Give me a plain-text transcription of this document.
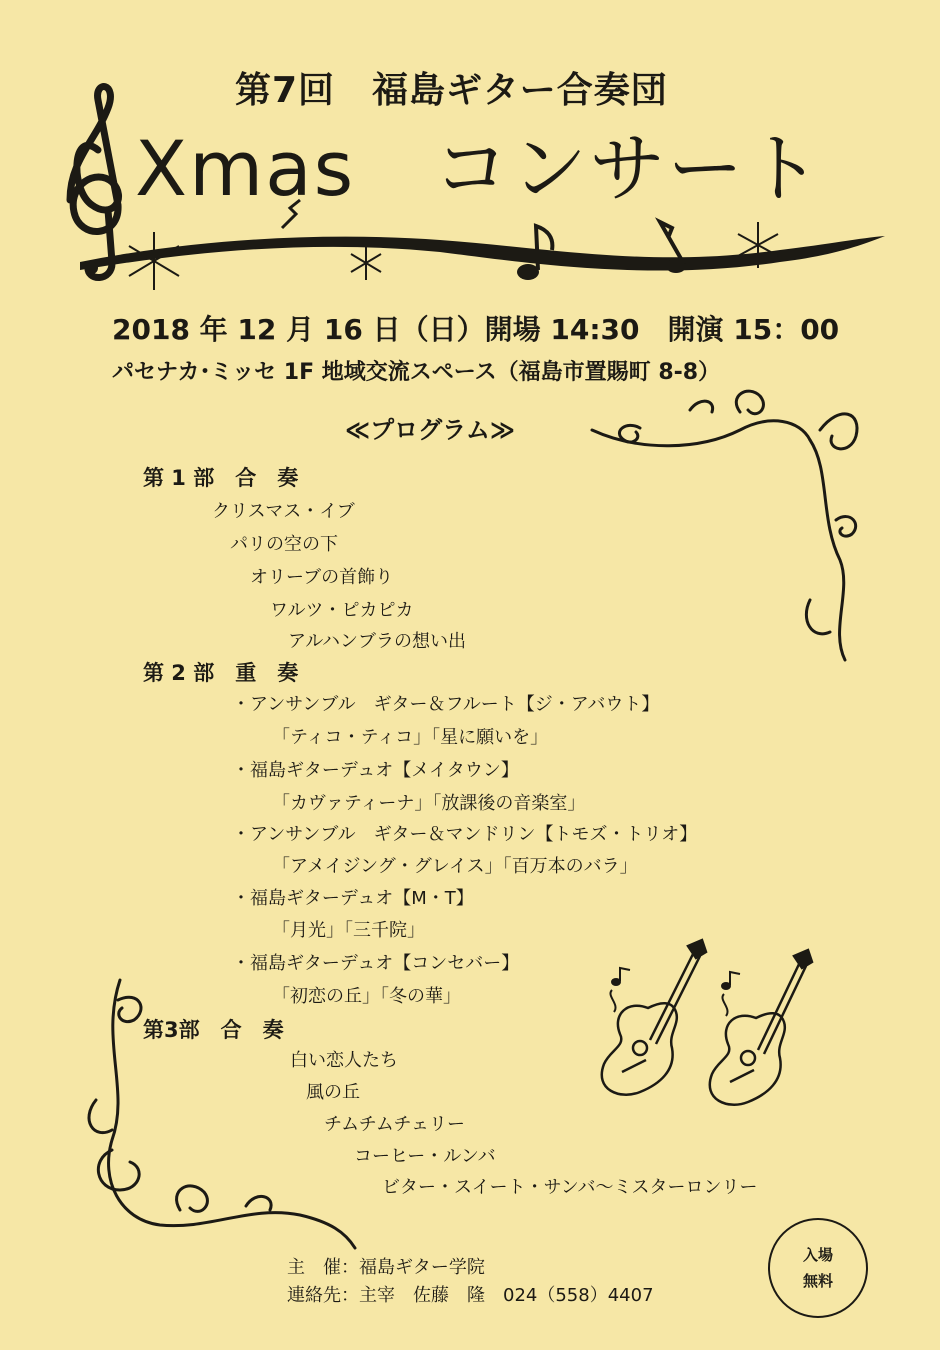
第7回　福島ギター合奏団
Xmas　コンサート
2018 年 12 月 16 日（日）開場 14:30　開演 15：00
パセナカ･ミッセ 1F 地域交流スペース（福島市置賜町 8-8）
≪プログラム≫
第 1 部　合　奏
クリスマス・イブ
パリの空の下
オリーブの首飾り
ワルツ・ピカピカ
アルハンブラの想い出
第 2 部　重　奏
・アンサンブル　ギター＆フルート【ジ・アバウト】
「ティコ・ティコ」「星に願いを」
・福島ギターデュオ【メイタウン】
「カヴァティーナ」「放課後の音楽室」
・アンサンブル　ギター＆マンドリン【トモズ・トリオ】
「アメイジング・グレイス」「百万本のバラ」
・福島ギターデュオ【M・T】
「月光」「三千院」
・福島ギターデュオ【コンセバー】
「初恋の丘」「冬の華」
第3部　合　奏
白い恋人たち
風の丘
チムチムチェリー
コーヒー・ルンバ
ビター・スイート・サンバ～ミスターロンリー
主　催：福島ギター学院
連絡先：主宰　佐藤　隆　024（558）4407
入場
無料
